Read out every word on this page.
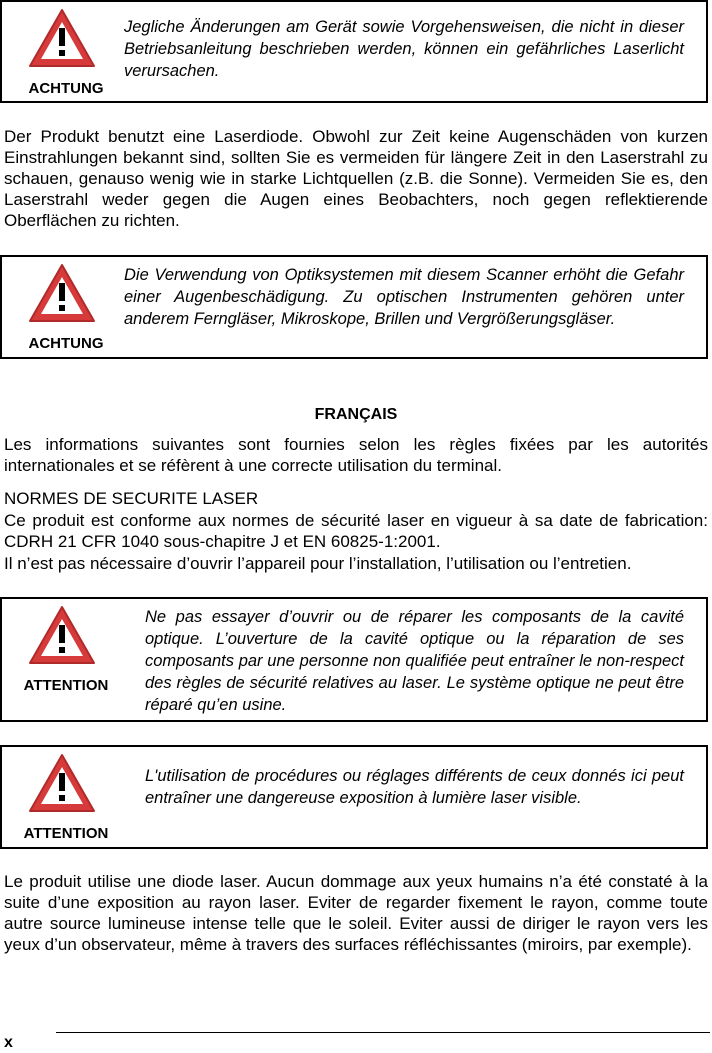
ACHTUNG
Jegliche Änderungen am Gerät sowie Vorgehensweisen, die nicht in dieser Betriebsanleitung beschrieben werden, können ein gefährliches Laserlicht verursachen.
Der Produkt benutzt eine Laserdiode. Obwohl zur Zeit keine Augenschäden von kurzen Einstrahlungen bekannt sind, sollten Sie es vermeiden für längere Zeit in den Laserstrahl zu schauen, genauso wenig wie in starke Lichtquellen (z.B. die Sonne). Vermeiden Sie es, den Laserstrahl weder gegen die Augen eines Beobachters, noch gegen reflektierende Oberflächen zu richten.
ACHTUNG
Die Verwendung von Optiksystemen mit diesem Scanner erhöht die Gefahr einer Augenbeschädigung. Zu optischen Instrumenten gehören unter anderem Ferngläser, Mikroskope, Brillen und Vergrößerungsgläser.
FRANÇAIS
Les informations suivantes sont fournies selon les règles fixées par les autorités internationales et se réfèrent à une correcte utilisation du terminal.
NORMES DE SECURITE LASER
Ce produit est conforme aux normes de sécurité laser en vigueur à sa date de fabrication: CDRH 21 CFR 1040 sous-chapitre J et EN 60825-1:2001.
Il n’est pas nécessaire d’ouvrir l’appareil pour l’installation, l’utilisation ou l’entretien.
ATTENTION
Ne pas essayer d’ouvrir ou de réparer les composants de la cavité optique. L’ouverture de la cavité optique ou la réparation de ses composants par une personne non qualifiée peut entraîner le non-respect des règles de sécurité relatives au laser. Le système optique ne peut être réparé qu’en usine.
ATTENTION
L'utilisation de procédures ou réglages différents de ceux donnés ici peut entraîner une dangereuse exposition à lumière laser visible.
Le produit utilise une diode laser. Aucun dommage aux yeux humains n’a été constaté à la suite d’une exposition au rayon laser. Eviter de regarder fixement le rayon, comme toute autre source lumineuse intense telle que le soleil. Eviter aussi de diriger le rayon vers les yeux d’un observateur, même à travers des surfaces réfléchissantes (miroirs, par exemple).
x
